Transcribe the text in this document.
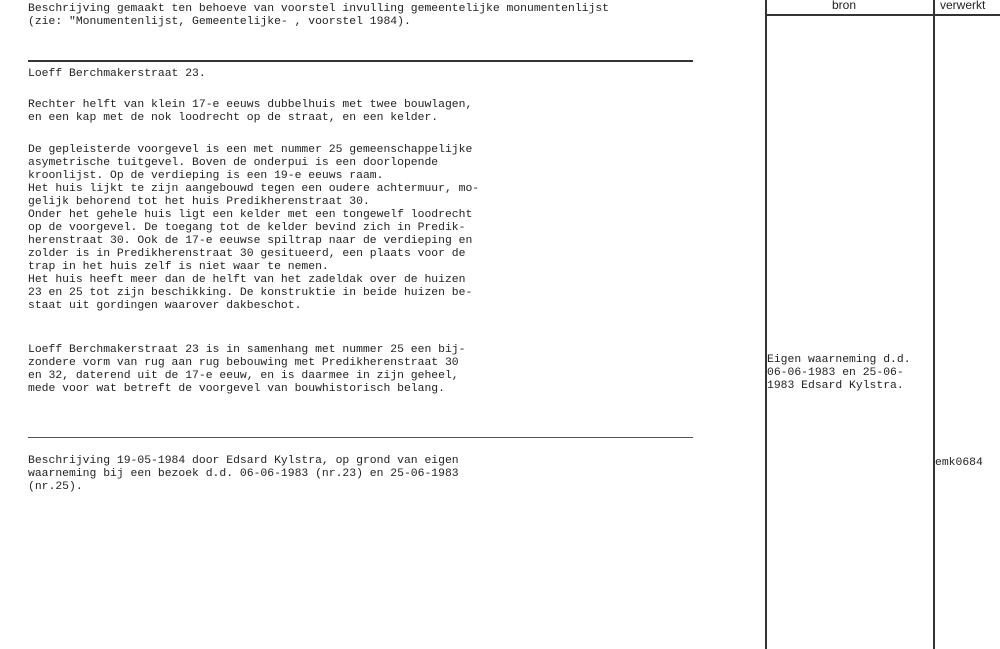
Beschrijving gemaakt ten behoeve van voorstel invulling gemeentelijke monumentenlijst
(zie: "Monumentenlijst, Gemeentelijke- , voorstel 1984).
Loeff Berchmakerstraat 23.
Rechter helft van klein 17-e eeuws dubbelhuis met twee bouwlagen,
en een kap met de nok loodrecht op de straat, en een kelder.
De gepleisterde voorgevel is een met nummer 25 gemeenschappelijke
asymetrische tuitgevel. Boven de onderpui is een doorlopende
kroonlijst. Op de verdieping is een 19-e eeuws raam.
Het huis lijkt te zijn aangebouwd tegen een oudere achtermuur, mo-
gelijk behorend tot het huis Predikherenstraat 30.
Onder het gehele huis ligt een kelder met een tongewelf loodrecht
op de voorgevel. De toegang tot de kelder bevind zich in Predik-
herenstraat 30. Ook de 17-e eeuwse spiltrap naar de verdieping en
zolder is in Predikherenstraat 30 gesitueerd, een plaats voor de
trap in het huis zelf is niet waar te nemen.
Het huis heeft meer dan de helft van het zadeldak over de huizen
23 en 25 tot zijn beschikking. De konstruktie in beide huizen be-
staat uit gordingen waarover dakbeschot.
Loeff Berchmakerstraat 23 is in samenhang met nummer 25 een bij-
zondere vorm van rug aan rug bebouwing met Predikherenstraat 30
en 32, daterend uit de 17-e eeuw, en is daarmee in zijn geheel,
mede voor wat betreft de voorgevel van bouwhistorisch belang.
Beschrijving 19-05-1984 door Edsard Kylstra, op grond van eigen
waarneming bij een bezoek d.d. 06-06-1983 (nr.23) en 25-06-1983
(nr.25).
bron	verwerkt
Eigen waarneming d.d.
06-06-1983 en 25-06-
1983 Edsard Kylstra.
emk0684
